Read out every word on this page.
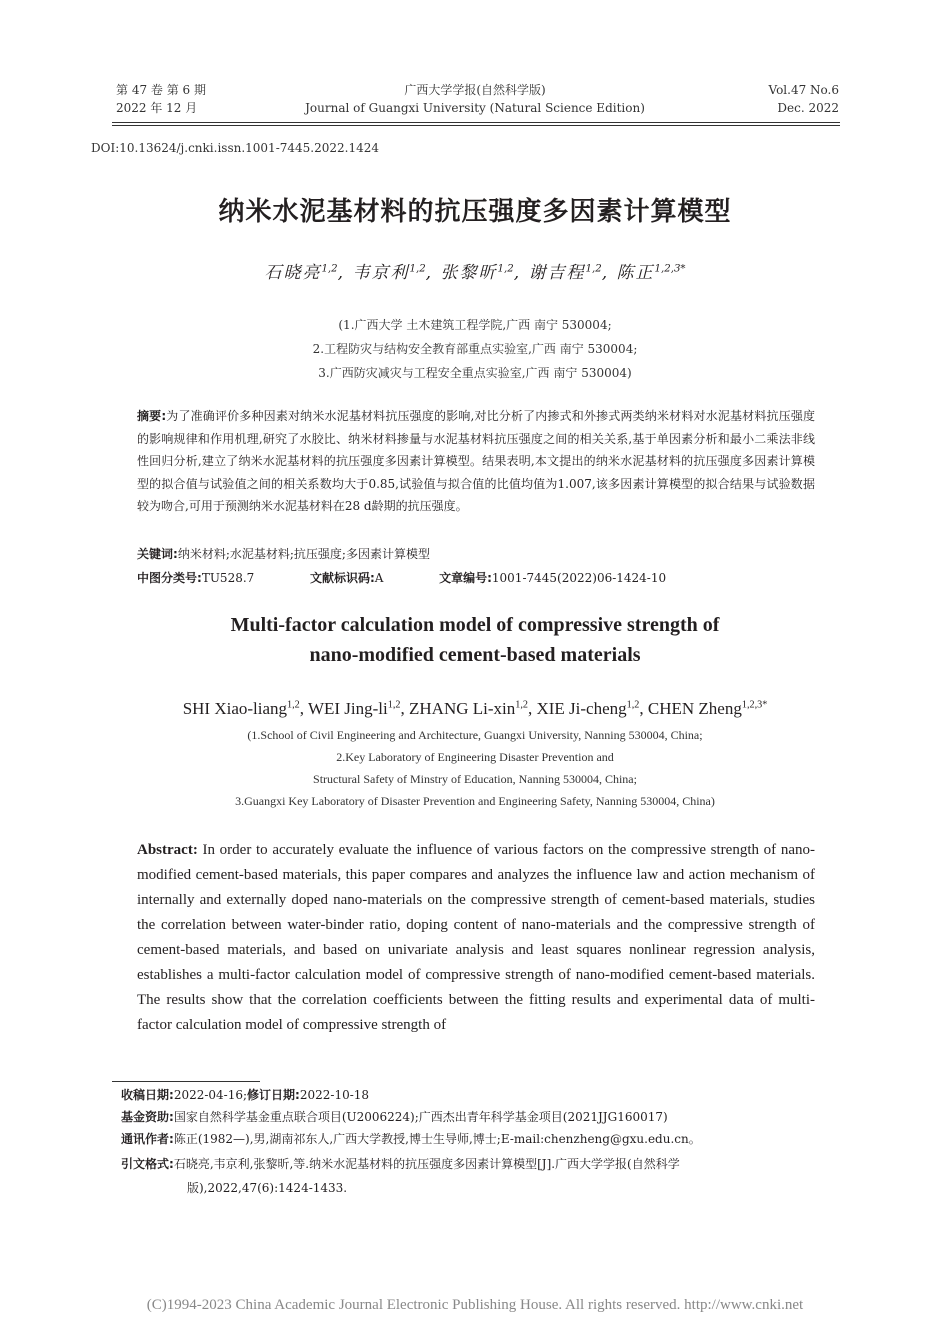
第 47 卷 第 6 期
2022 年 12 月
广西大学学报(自然科学版)
Journal of Guangxi University (Natural Science Edition)
Vol.47 No.6
Dec. 2022
DOI:10.13624/j.cnki.issn.1001-7445.2022.1424
纳米水泥基材料的抗压强度多因素计算模型
石晓亮$^{1,2}$, 韦京利$^{1,2}$, 张黎昕$^{1,2}$, 谢吉程$^{1,2}$, 陈正$^{1,2,3*}$
(1.广西大学 土木建筑工程学院,广西 南宁 530004;
2.工程防灾与结构安全教育部重点实验室,广西 南宁 530004;
3.广西防灾减灾与工程安全重点实验室,广西 南宁 530004)
摘要:为了准确评价多种因素对纳米水泥基材料抗压强度的影响,对比分析了内掺式和外掺式两类纳米材料对水泥基材料抗压强度的影响规律和作用机理,研究了水胶比、纳米材料掺量与水泥基材料抗压强度之间的相关关系,基于单因素分析和最小二乘法非线性回归分析,建立了纳米水泥基材料的抗压强度多因素计算模型。结果表明,本文提出的纳米水泥基材料的抗压强度多因素计算模型的拟合值与试验值之间的相关系数均大于0.85,试验值与拟合值的比值均值为1.007,该多因素计算模型的拟合结果与试验数据较为吻合,可用于预测纳米水泥基材料在28 d龄期的抗压强度。
关键词:纳米材料;水泥基材料;抗压强度;多因素计算模型
中图分类号:TU528.7	文献标识码:A	文章编号:1001-7445(2022)06-1424-10
Multi-factor calculation model of compressive strength of
nano-modified cement-based materials
SHI Xiao-liang$^{1,2}$, WEI Jing-li$^{1,2}$, ZHANG Li-xin$^{1,2}$, XIE Ji-cheng$^{1,2}$, CHEN Zheng$^{1,2,3*}$
(1.School of Civil Engineering and Architecture, Guangxi University, Nanning 530004, China;
2.Key Laboratory of Engineering Disaster Prevention and
Structural Safety of Minstry of Education, Nanning 530004, China;
3.Guangxi Key Laboratory of Disaster Prevention and Engineering Safety, Nanning 530004, China)
Abstract: In order to accurately evaluate the influence of various factors on the compressive strength of nano-modified cement-based materials, this paper compares and analyzes the influence law and action mechanism of internally and externally doped nano-materials on the compressive strength of cement-based materials, studies the correlation between water-binder ratio, doping content of nano-materials and the compressive strength of cement-based materials, and based on univariate analysis and least squares nonlinear regression analysis, establishes a multi-factor calculation model of compressive strength of nano-modified cement-based materials. The results show that the correlation coefficients between the fitting results and experimental data of multi-factor calculation model of compressive strength of
收稿日期:2022-04-16;修订日期:2022-10-18
基金资助:国家自然科学基金重点联合项目(U2006224);广西杰出青年科学基金项目(2021JJG160017)
通讯作者:陈正(1982—),男,湖南祁东人,广西大学教授,博士生导师,博士;E-mail:chenzheng@gxu.edu.cn。
引文格式:石晓亮,韦京利,张黎昕,等.纳米水泥基材料的抗压强度多因素计算模型[J].广西大学学报(自然科学
版),2022,47(6):1424-1433.
(C)1994-2023 China Academic Journal Electronic Publishing House. All rights reserved. http://www.cnki.net
